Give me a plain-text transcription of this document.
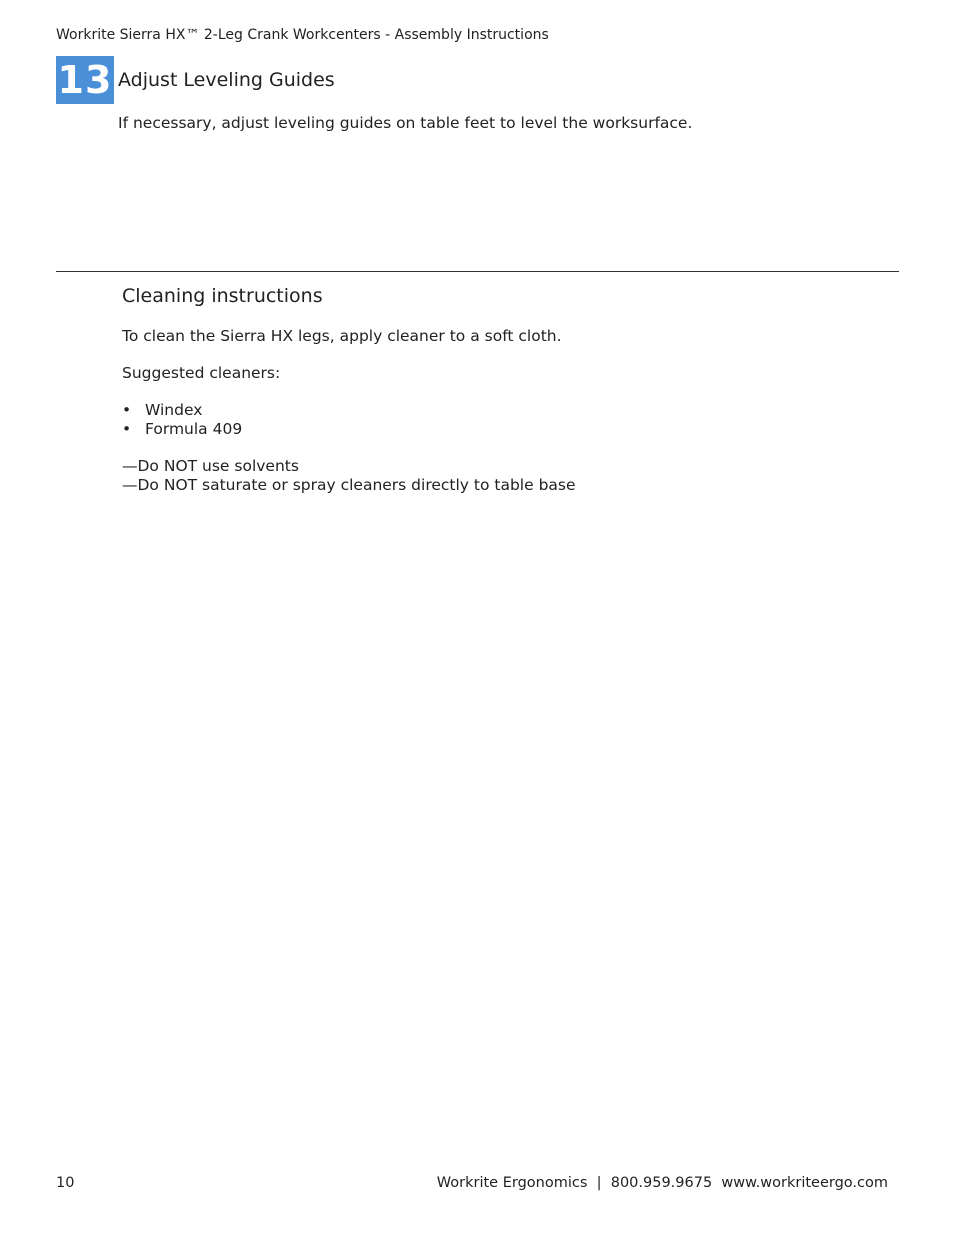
Workrite Sierra HX™ 2-Leg Crank Workcenters - Assembly Instructions
13 Adjust Leveling Guides
If necessary, adjust leveling guides on table feet to level the worksurface.
Cleaning instructions

To clean the Sierra HX legs, apply cleaner to a soft cloth.

Suggested cleaners:

• Windex
• Formula 409
—Do NOT use solvents
—Do NOT saturate or spray cleaners directly to table base
10	Workrite Ergonomics | 800.959.9675 www.workriteergo.com
